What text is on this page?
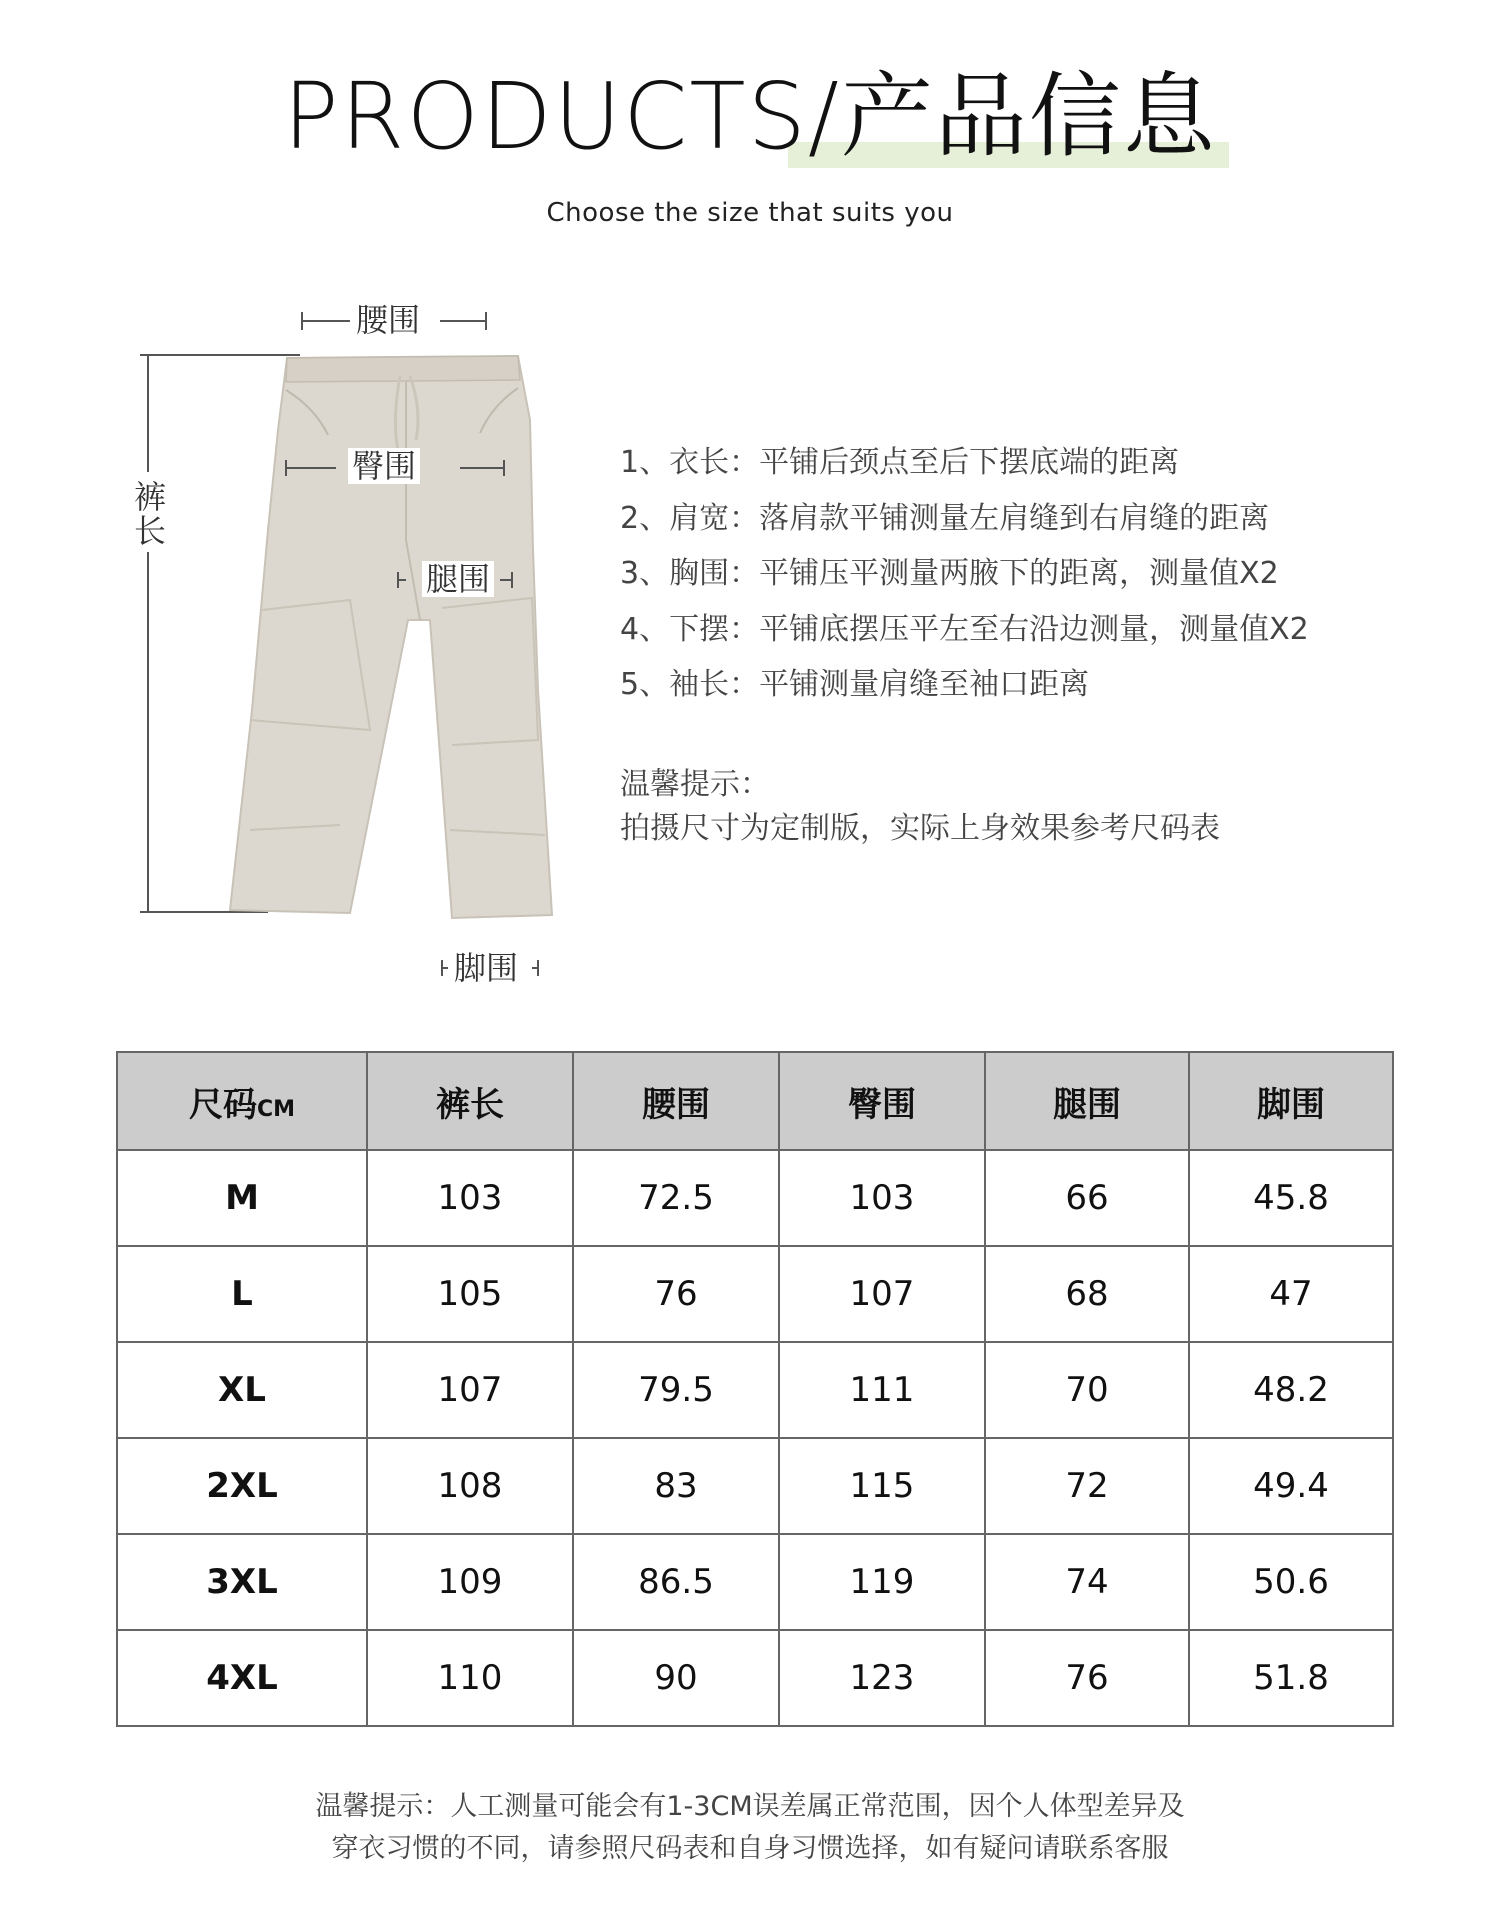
PRODUCTS/产品信息
Choose the size that suits you
腰围
臀围
腿围
裤长
脚围
1、衣长：平铺后颈点至后下摆底端的距离
2、肩宽：落肩款平铺测量左肩缝到右肩缝的距离
3、胸围：平铺压平测量两腋下的距离，测量值X2
4、下摆：平铺底摆压平左至右沿边测量，测量值X2
5、袖长：平铺测量肩缝至袖口距离
温馨提示：
拍摄尺寸为定制版，实际上身效果参考尺码表
尺码CM	裤长	腰围	臀围	腿围	脚围
M	103	72.5	103	66	45.8
L	105	76	107	68	47
XL	107	79.5	111	70	48.2
2XL	108	83	115	72	49.4
3XL	109	86.5	119	74	50.6
4XL	110	90	123	76	51.8
温馨提示：人工测量可能会有1-3CM误差属正常范围，因个人体型差异及
穿衣习惯的不同，请参照尺码表和自身习惯选择，如有疑问请联系客服
